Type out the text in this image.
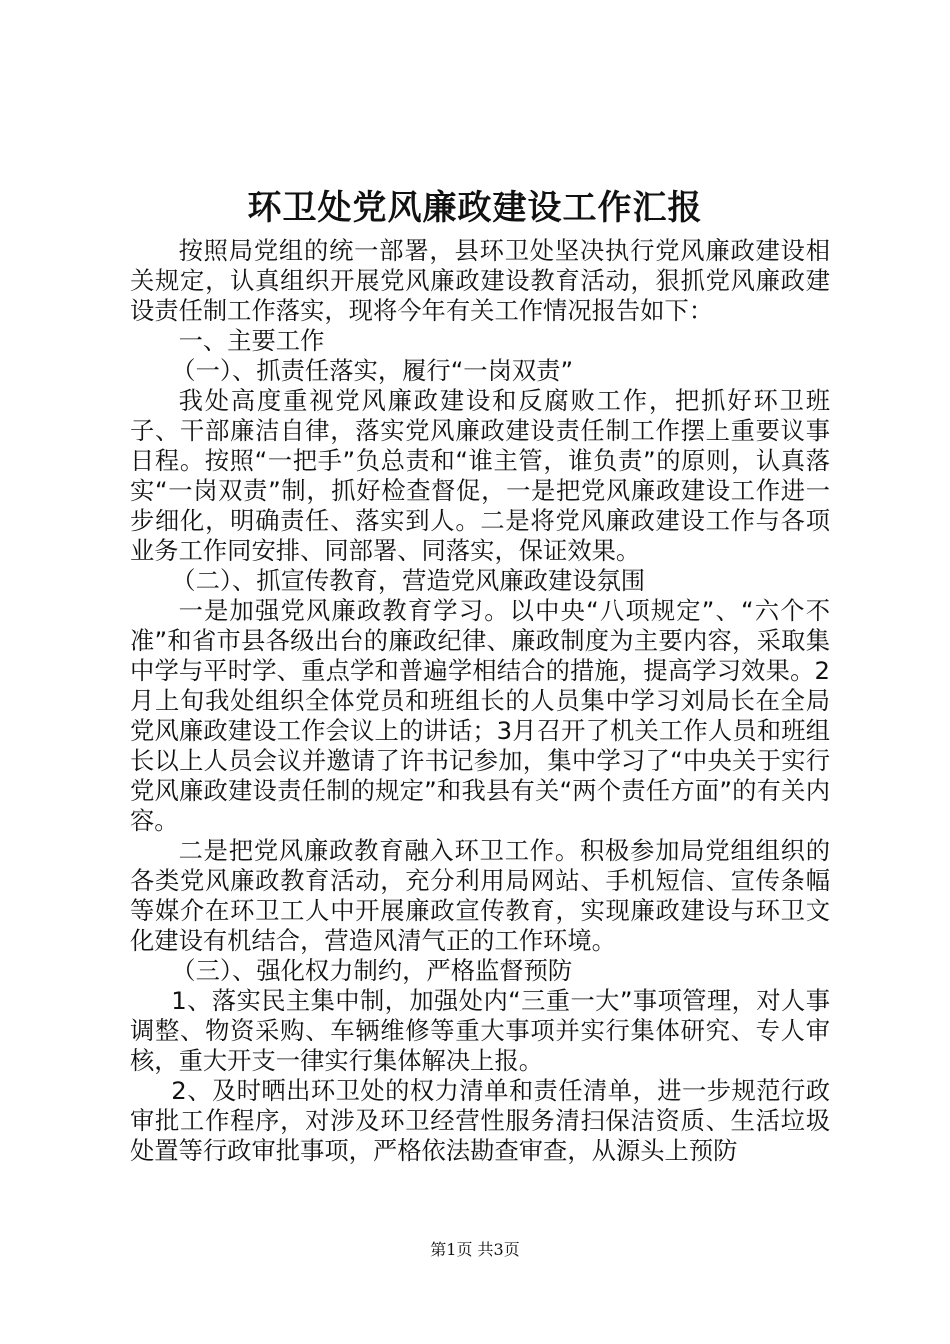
环卫处党风廉政建设工作汇报

按照局党组的统一部署，县环卫处坚决执行党风廉政建设相关规定，认真组织开展党风廉政建设教育活动，狠抓党风廉政建设责任制工作落实，现将今年有关工作情况报告如下：

一、主要工作

（一）、抓责任落实，履行“一岗双责”

我处高度重视党风廉政建设和反腐败工作，把抓好环卫班子、干部廉洁自律，落实党风廉政建设责任制工作摆上重要议事日程。按照“一把手”负总责和“谁主管，谁负责”的原则，认真落实“一岗双责”制，抓好检查督促，一是把党风廉政建设工作进一步细化，明确责任、落实到人。二是将党风廉政建设工作与各项业务工作同安排、同部署、同落实，保证效果。

（二）、抓宣传教育，营造党风廉政建设氛围

一是加强党风廉政教育学习。以中央“八项规定”、“六个不准”和省市县各级出台的廉政纪律、廉政制度为主要内容，采取集中学与平时学、重点学和普遍学相结合的措施，提高学习效果。2月上旬我处组织全体党员和班组长的人员集中学习刘局长在全局党风廉政建设工作会议上的讲话；3月召开了机关工作人员和班组长以上人员会议并邀请了许书记参加，集中学习了“中央关于实行党风廉政建设责任制的规定”和我县有关“两个责任方面”的有关内容。

二是把党风廉政教育融入环卫工作。积极参加局党组组织的各类党风廉政教育活动，充分利用局网站、手机短信、宣传条幅等媒介在环卫工人中开展廉政宣传教育，实现廉政建设与环卫文化建设有机结合，营造风清气正的工作环境。

（三）、强化权力制约，严格监督预防

1、落实民主集中制，加强处内“三重一大”事项管理，对人事调整、物资采购、车辆维修等重大事项并实行集体研究、专人审核，重大开支一律实行集体解决上报。

2、及时晒出环卫处的权力清单和责任清单，进一步规范行政审批工作程序，对涉及环卫经营性服务清扫保洁资质、生活垃圾处置等行政审批事项，严格依法勘查审查，从源头上预防

第1页 共3页
